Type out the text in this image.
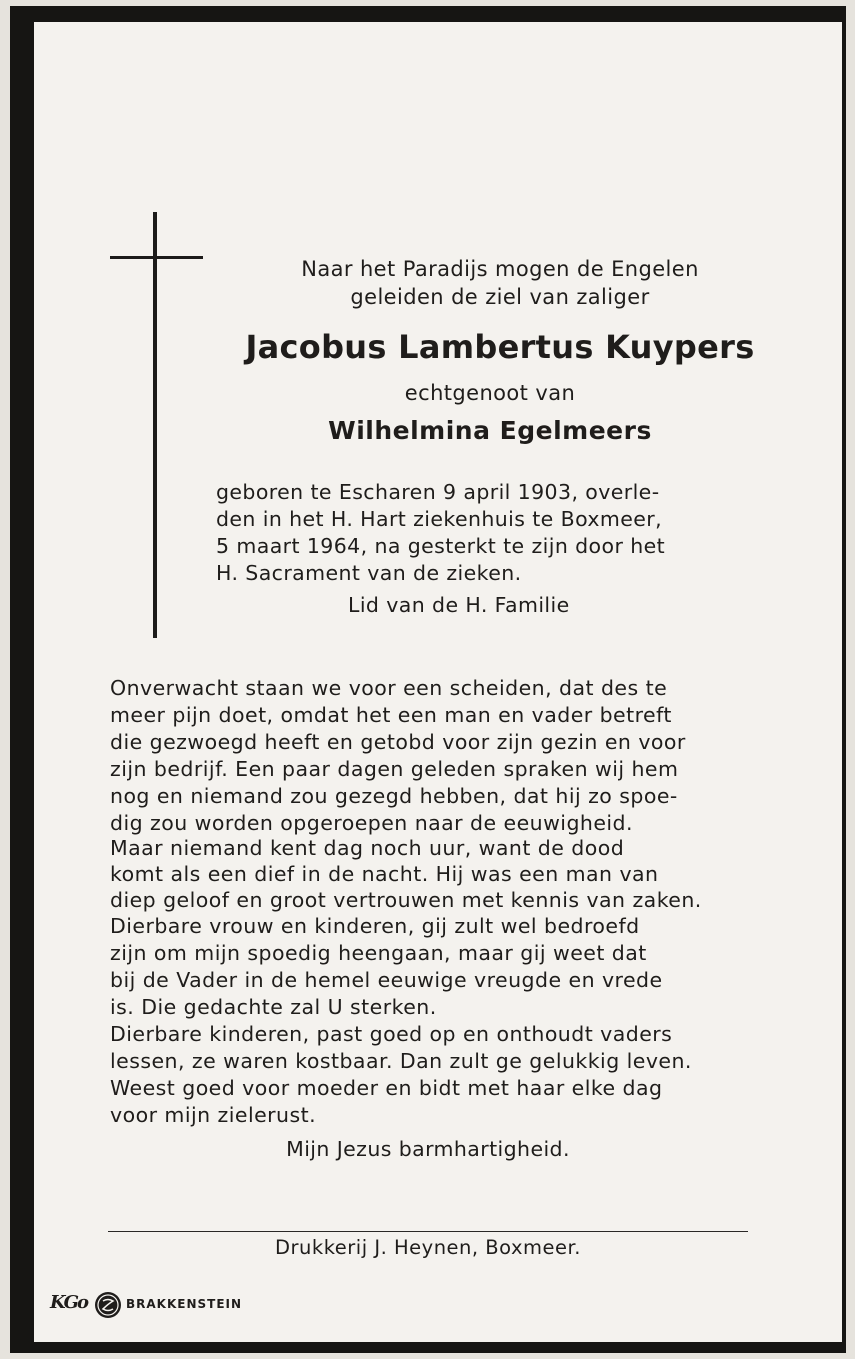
Naar het Paradijs mogen de Engelen
geleiden de ziel van zaliger
Jacobus Lambertus Kuypers
echtgenoot van
Wilhelmina Egelmeers
geboren te Escharen 9 april 1903, overle-
den in het H. Hart ziekenhuis te Boxmeer,
5 maart 1964, na gesterkt te zijn door het
H. Sacrament van de zieken.
Lid van de H. Familie
Onverwacht staan we voor een scheiden, dat des te
meer pijn doet, omdat het een man en vader betreft
die gezwoegd heeft en getobd voor zijn gezin en voor
zijn bedrijf. Een paar dagen geleden spraken wij hem
nog en niemand zou gezegd hebben, dat hij zo spoe-
dig zou worden opgeroepen naar de eeuwigheid.
Maar niemand kent dag noch uur, want de dood
komt als een dief in de nacht. Hij was een man van
diep geloof en groot vertrouwen met kennis van zaken.
Dierbare vrouw en kinderen, gij zult wel bedroefd
zijn om mijn spoedig heengaan, maar gij weet dat
bij de Vader in de hemel eeuwige vreugde en vrede
is. Die gedachte zal U sterken.
Dierbare kinderen, past goed op en onthoudt vaders
lessen, ze waren kostbaar. Dan zult ge gelukkig leven.
Weest goed voor moeder en bidt met haar elke dag
voor mijn zielerust.
Mijn Jezus barmhartigheid.
Drukkerij J. Heynen, Boxmeer.
KGo	BRAKKENSTEIN
